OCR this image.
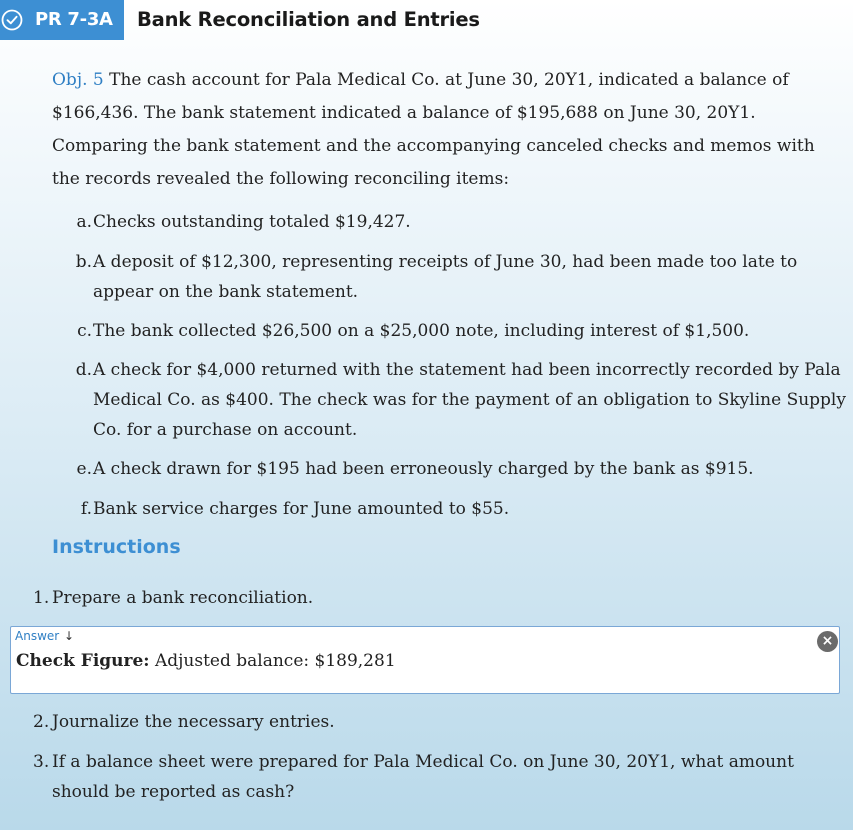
PR 7-3A Bank Reconciliation and Entries
Obj. 5 The cash account for Pala Medical Co. at June 30, 20Y1, indicated a balance of $166,436. The bank statement indicated a balance of $195,688 on June 30, 20Y1. Comparing the bank statement and the accompanying canceled checks and memos with the records revealed the following reconciling items:
a. Checks outstanding totaled $19,427.
b. A deposit of $12,300, representing receipts of June 30, had been made too late to appear on the bank statement.
c. The bank collected $26,500 on a $25,000 note, including interest of $1,500.
d. A check for $4,000 returned with the statement had been incorrectly recorded by Pala Medical Co. as $400. The check was for the payment of an obligation to Skyline Supply Co. for a purchase on account.
e. A check drawn for $195 had been erroneously charged by the bank as $915.
f. Bank service charges for June amounted to $55.
Instructions
1. Prepare a bank reconciliation.
Answer ↓	×
Check Figure: Adjusted balance: $189,281
2. Journalize the necessary entries.
3. If a balance sheet were prepared for Pala Medical Co. on June 30, 20Y1, what amount should be reported as cash?
